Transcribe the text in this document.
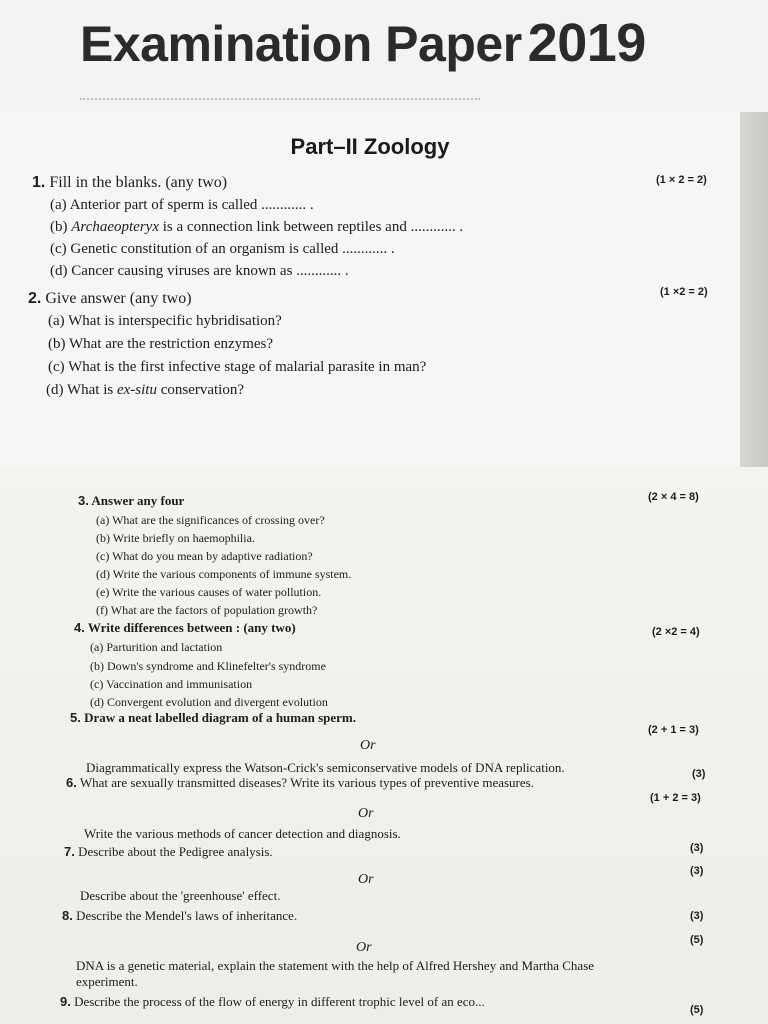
Examination Paper 2019
Part–II Zoology
1. Fill in the blanks. (any two)	(1 × 2 = 2)
(a) Anterior part of sperm is called ............ .
(b) Archaeopteryx is a connection link between reptiles and ............ .
(c) Genetic constitution of an organism is called ............ .
(d) Cancer causing viruses are known as ............ .
2. Give answer (any two)	(1 ×2 = 2)
(a) What is interspecific hybridisation?
(b) What are the restriction enzymes?
(c) What is the first infective stage of malarial parasite in man?
(d) What is ex-situ conservation?
3. Answer any four	(2 × 4 = 8)
(a) What are the significances of crossing over?
(b) Write briefly on haemophilia.
(c) What do you mean by adaptive radiation?
(d) Write the various components of immune system.
(e) Write the various causes of water pollution.
(f) What are the factors of population growth?
4. Write differences between : (any two)	(2 ×2 = 4)
(a) Parturition and lactation
(b) Down's syndrome and Klinefelter's syndrome
(c) Vaccination and immunisation
(d) Convergent evolution and divergent evolution
5. Draw a neat labelled diagram of a human sperm.
(2 + 1 = 3)
Or
Diagrammatically express the Watson-Crick's semiconservative models of DNA replication.	(3)
6. What are sexually transmitted diseases? Write its various types of preventive measures.
(1 + 2 = 3)
Or
Write the various methods of cancer detection and diagnosis.
(3)
7. Describe about the Pedigree analysis.
(3)
Or
Describe about the 'greenhouse' effect.
8. Describe the Mendel's laws of inheritance.	(3)
(5)
Or
DNA is a genetic material, explain the statement with the help of Alfred Hershey and Martha Chase
experiment.
9. Describe the process of the flow of energy in different trophic level of an eco...
(5)
